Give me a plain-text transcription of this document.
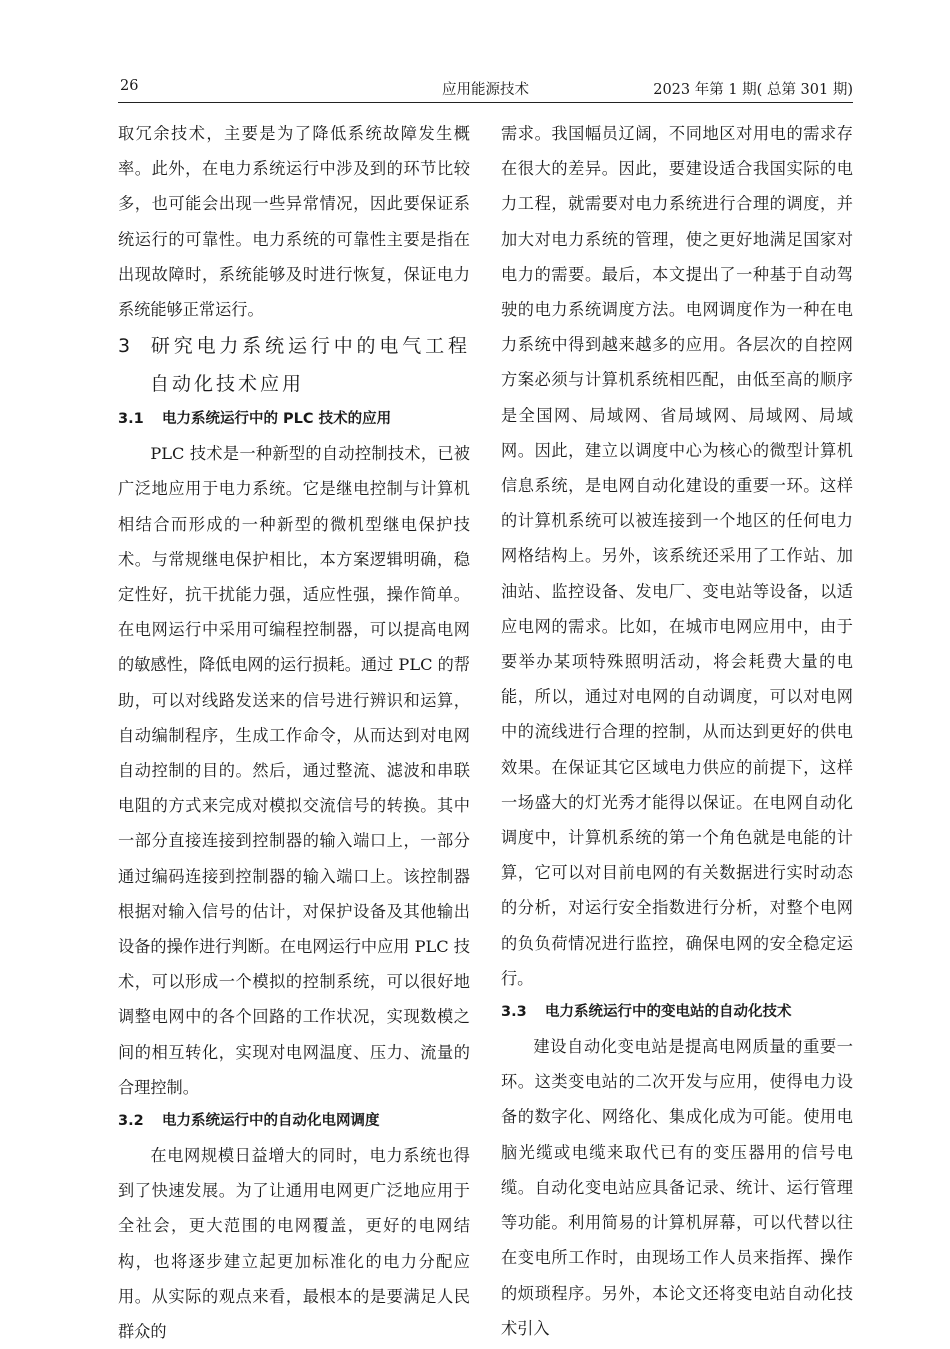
26	应用能源技术	2023 年第 1 期( 总第 301 期)

取冗余技术，主要是为了降低系统故障发生概率。此外，在电力系统运行中涉及到的环节比较多，也可能会出现一些异常情况，因此要保证系统运行的可靠性。电力系统的可靠性主要是指在出现故障时，系统能够及时进行恢复，保证电力系统能够正常运行。

3 研究电力系统运行中的电气工程自动化技术应用
3.1 电力系统运行中的 PLC 技术的应用

PLC 技术是一种新型的自动控制技术，已被广泛地应用于电力系统。它是继电控制与计算机相结合而形成的一种新型的微机型继电保护技术。与常规继电保护相比，本方案逻辑明确，稳定性好，抗干扰能力强，适应性强，操作简单。在电网运行中采用可编程控制器，可以提高电网的敏感性，降低电网的运行损耗。通过 PLC 的帮助，可以对线路发送来的信号进行辨识和运算，自动编制程序，生成工作命令，从而达到对电网自动控制的目的。然后，通过整流、滤波和串联电阻的方式来完成对模拟交流信号的转换。其中一部分直接连接到控制器的输入端口上，一部分通过编码连接到控制器的输入端口上。该控制器根据对输入信号的估计，对保护设备及其他输出设备的操作进行判断。在电网运行中应用 PLC 技术，可以形成一个模拟的控制系统，可以很好地调整电网中的各个回路的工作状况，实现数模之间的相互转化，实现对电网温度、压力、流量的合理控制。

3.2 电力系统运行中的自动化电网调度

在电网规模日益增大的同时，电力系统也得到了快速发展。为了让通用电网更广泛地应用于全社会，更大范围的电网覆盖，更好的电网结构，也将逐步建立起更加标准化的电力分配应用。从实际的观点来看，最根本的是要满足人民群众的

需求。我国幅员辽阔，不同地区对用电的需求存在很大的差异。因此，要建设适合我国实际的电力工程，就需要对电力系统进行合理的调度，并加大对电力系统的管理，使之更好地满足国家对电力的需要。最后，本文提出了一种基于自动驾驶的电力系统调度方法。电网调度作为一种在电力系统中得到越来越多的应用。各层次的自控网方案必须与计算机系统相匹配，由低至高的顺序是全国网、局域网、省局域网、局域网、局域网。因此，建立以调度中心为核心的微型计算机信息系统，是电网自动化建设的重要一环。这样的计算机系统可以被连接到一个地区的任何电力网格结构上。另外，该系统还采用了工作站、加油站、监控设备、发电厂、变电站等设备，以适应电网的需求。比如，在城市电网应用中，由于要举办某项特殊照明活动，将会耗费大量的电能，所以，通过对电网的自动调度，可以对电网中的流线进行合理的控制，从而达到更好的供电效果。在保证其它区域电力供应的前提下，这样一场盛大的灯光秀才能得以保证。在电网自动化调度中，计算机系统的第一个角色就是电能的计算，它可以对目前电网的有关数据进行实时动态的分析，对运行安全指数进行分析，对整个电网的负负荷情况进行监控，确保电网的安全稳定运行。

3.3 电力系统运行中的变电站的自动化技术

建设自动化变电站是提高电网质量的重要一环。这类变电站的二次开发与应用，使得电力设备的数字化、网络化、集成化成为可能。使用电脑光缆或电缆来取代已有的变压器用的信号电缆。自动化变电站应具备记录、统计、运行管理等功能。利用简易的计算机屏幕，可以代替以往在变电所工作时，由现场工作人员来指挥、操作的烦琐程序。另外，本论文还将变电站自动化技术引入
